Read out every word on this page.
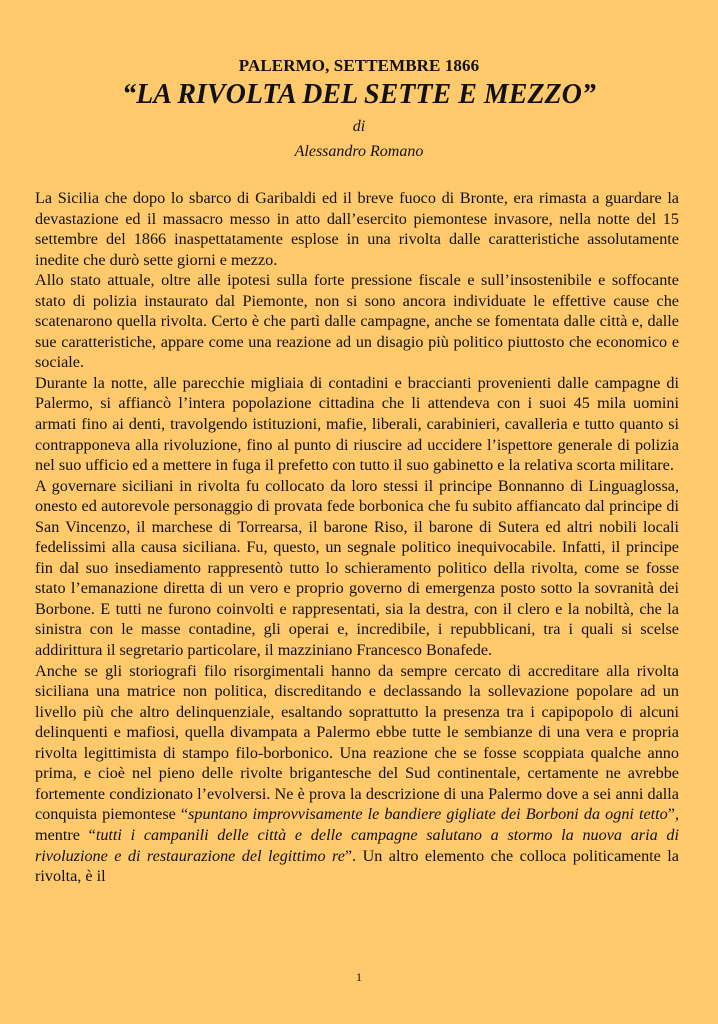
PALERMO, SETTEMBRE 1866
“LA RIVOLTA DEL SETTE E MEZZO”
di
Alessandro Romano

La Sicilia che dopo lo sbarco di Garibaldi ed il breve fuoco di Bronte, era rimasta a guardare la devastazione ed il massacro messo in atto dall’esercito piemontese invasore, nella notte del 15 settembre del 1866 inaspettatamente esplose in una rivolta dalle caratteristiche assolutamente inedite che durò sette giorni e mezzo.

Allo stato attuale, oltre alle ipotesi sulla forte pressione fiscale e sull’insostenibile e soffocante stato di polizia instaurato dal Piemonte, non si sono ancora individuate le effettive cause che scatenarono quella rivolta. Certo è che partì dalle campagne, anche se fomentata dalle città e, dalle sue caratteristiche, appare come una reazione ad un disagio più politico piuttosto che economico e sociale.

Durante la notte, alle parecchie migliaia di contadini e braccianti provenienti dalle campagne di Palermo, si affiancò l’intera popolazione cittadina che li attendeva con i suoi 45 mila uomini armati fino ai denti, travolgendo istituzioni, mafie, liberali, carabinieri, cavalleria e tutto quanto si contrapponeva alla rivoluzione, fino al punto di riuscire ad uccidere l’ispettore generale di polizia nel suo ufficio ed a mettere in fuga il prefetto con tutto il suo gabinetto e la relativa scorta militare.

A governare siciliani in rivolta fu collocato da loro stessi il principe Bonnanno di Linguaglossa, onesto ed autorevole personaggio di provata fede borbonica che fu subito affiancato dal principe di San Vincenzo, il marchese di Torrearsa, il barone Riso, il barone di Sutera ed altri nobili locali fedelissimi alla causa siciliana. Fu, questo, un segnale politico inequivocabile. Infatti, il principe fin dal suo insediamento rappresentò tutto lo schieramento politico della rivolta, come se fosse stato l’emanazione diretta di un vero e proprio governo di emergenza posto sotto la sovranità dei Borbone. E tutti ne furono coinvolti e rappresentati, sia la destra, con il clero e la nobiltà, che la sinistra con le masse contadine, gli operai e, incredibile, i repubblicani, tra i quali si scelse addirittura il segretario particolare, il mazziniano Francesco Bonafede.

Anche se gli storiografi filo risorgimentali hanno da sempre cercato di accreditare alla rivolta siciliana una matrice non politica, discreditando e declassando la sollevazione popolare ad un livello più che altro delinquenziale, esaltando soprattutto la presenza tra i capipopolo di alcuni delinquenti e mafiosi, quella divampata a Palermo ebbe tutte le sembianze di una vera e propria rivolta legittimista di stampo filo-borbonico. Una reazione che se fosse scoppiata qualche anno prima, e cioè nel pieno delle rivolte brigantesche del Sud continentale, certamente ne avrebbe fortemente condizionato l’evolversi. Ne è prova la descrizione di una Palermo dove a sei anni dalla conquista piemontese “spuntano improvvisamente le bandiere gigliate dei Borboni da ogni tetto”, mentre “tutti i campanili delle città e delle campagne salutano a stormo la nuova aria di rivoluzione e di restaurazione del legittimo re”. Un altro elemento che colloca politicamente la rivolta, è il

1
